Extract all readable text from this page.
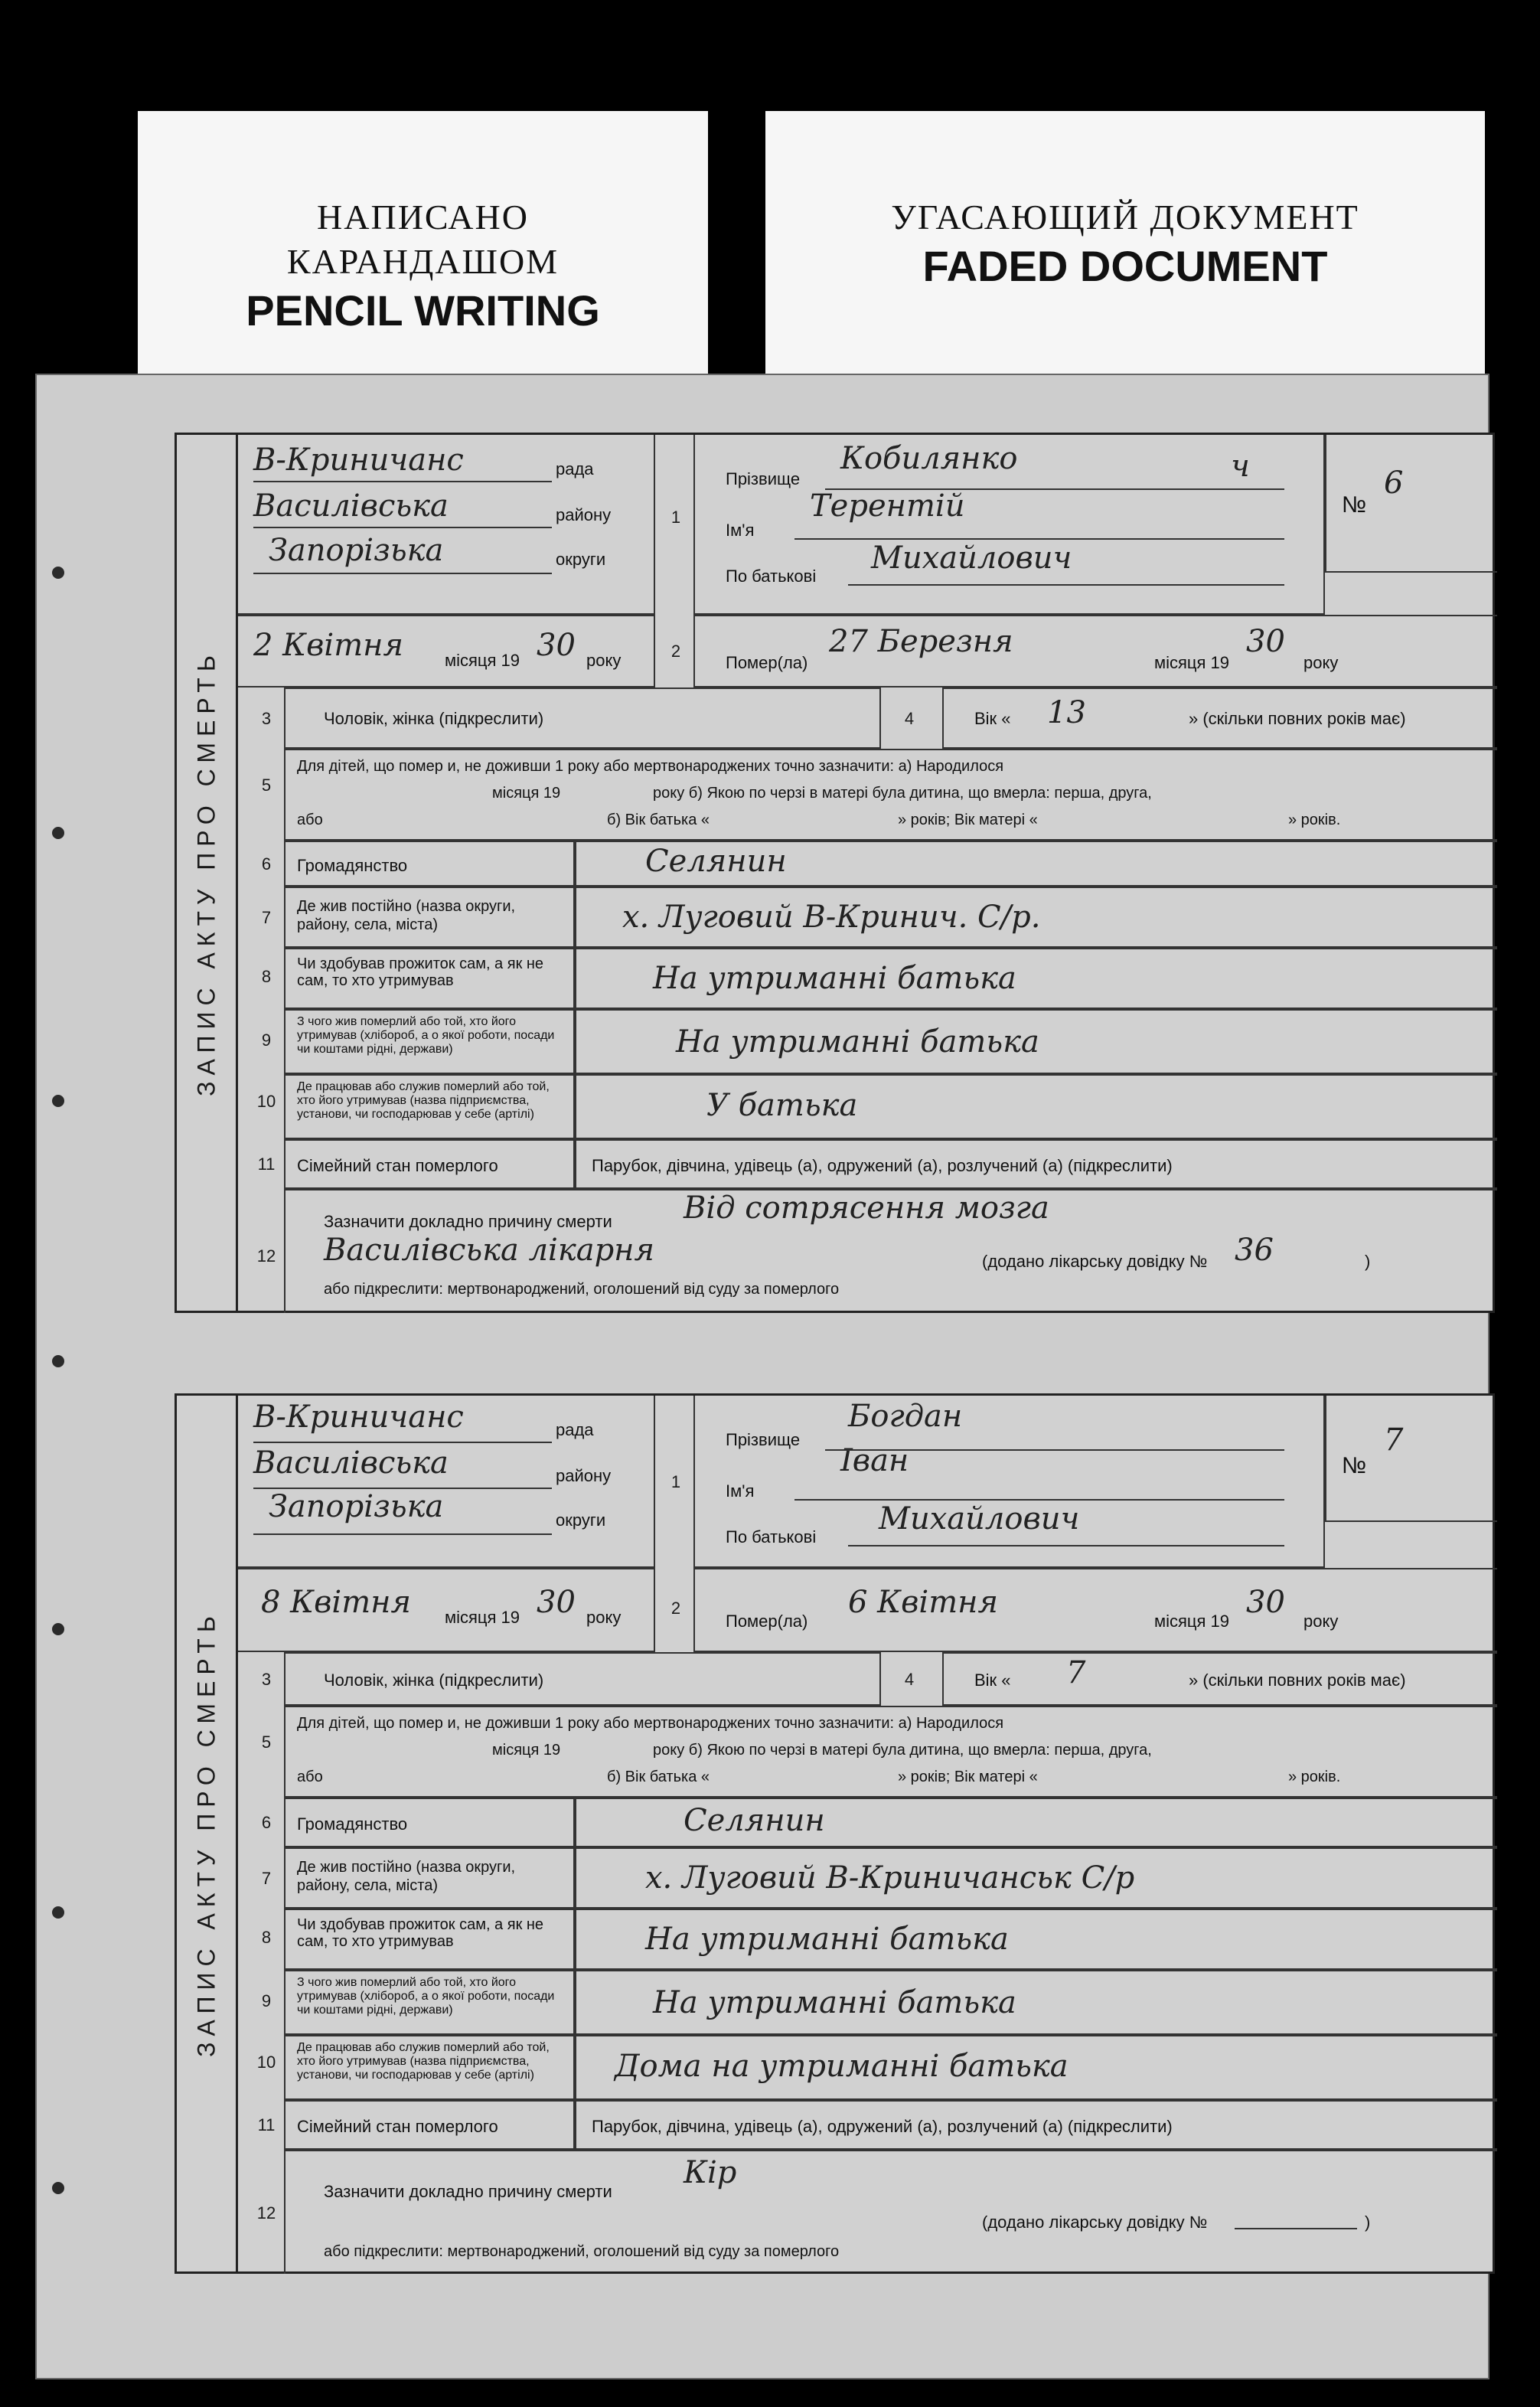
НАПИСАНО
КАРАНДАШОМ
PENCIL WRITING
УГАСАЮЩИЙ ДОКУМЕНТ
FADED DOCUMENT
ЗАПИС АКТУ ПРО СМЕРТЬ
В-Криничанс	рада
Василівська	району
Запорізька	округи
2 Квітня місяця 19 30 року
1
2
Прізвище
Кобилянко	ч
Ім'я
Терентій
По батькові
Михайлович
№
6
Помер(ла)
27 Березня
місяця 19
30
року
3	Чоловік, жінка (підкреслити)	4	Вік « 13	» (скільки повних років має)
5
Для дітей, що помер и, не доживши 1 року або мертвонароджених точно зазначити: а) Народилося
місяця 19	року б) Якою по черзі в матері була дитина, що вмерла: перша, друга,
або	б) Вік батька «	» років; Вік матері «	» років.
6	Громадянство	Селянин
7
Де жив постійно (назва округи, району, села, міста)	х. Луговий В-Кринич. С/р.
8
Чи здобував прожиток сам, а як не сам, то хто утримував	На утриманні батька
9
З чого жив померлий або той, хто його утримував (хлібороб, а о якої роботи, посади чи коштами рідні, держави)	На утриманні батька
10
Де працював або служив померлий або той, хто його утримував (назва підприємства, установи, чи господарював у себе (артілі)	У батька
11	Сімейний стан померлого	Парубок, дівчина, удівець (а), одружений (а), розлучений (а) (підкреслити)
12
Зазначити докладно причину смерти Від сотрясення мозга
Василівська лікарня	(додано лікарську довідку № 36	)
або підкреслити: мертвонароджений, оголошений від суду за померлого
ЗАПИС АКТУ ПРО СМЕРТЬ
В-Криничанс	рада
Василівська	району
Запорізька	округи
8 Квітня місяця 19 30 року
1
2
Прізвище
Богдан
Ім'я
Іван
По батькові
Михайлович
№
7
Помер(ла)
6 Квітня
місяця 19
30
року
3	Чоловік, жінка (підкреслити)	4	Вік « 7	» (скільки повних років має)
5
Для дітей, що помер и, не доживши 1 року або мертвонароджених точно зазначити: а) Народилося
місяця 19	року б) Якою по черзі в матері була дитина, що вмерла: перша, друга,
або	б) Вік батька «	» років; Вік матері «	» років.
6	Громадянство	Селянин
7
Де жив постійно (назва округи, району, села, міста)	х. Луговий В-Криничанськ С/р
8
Чи здобував прожиток сам, а як не сам, то хто утримував	На утриманні батька
9
З чого жив померлий або той, хто його утримував (хлібороб, а о якої роботи, посади чи коштами рідні, держави)	На утриманні батька
10
Де працював або служив померлий або той, хто його утримував (назва підприємства, установи, чи господарював у себе (артілі)	Дома на утриманні батька
11	Сімейний стан померлого	Парубок, дівчина, удівець (а), одружений (а), розлучений (а) (підкреслити)
12
Зазначити докладно причину смерти
Кір
(додано лікарську довідку №	)
або підкреслити: мертвонароджений, оголошений від суду за померлого
